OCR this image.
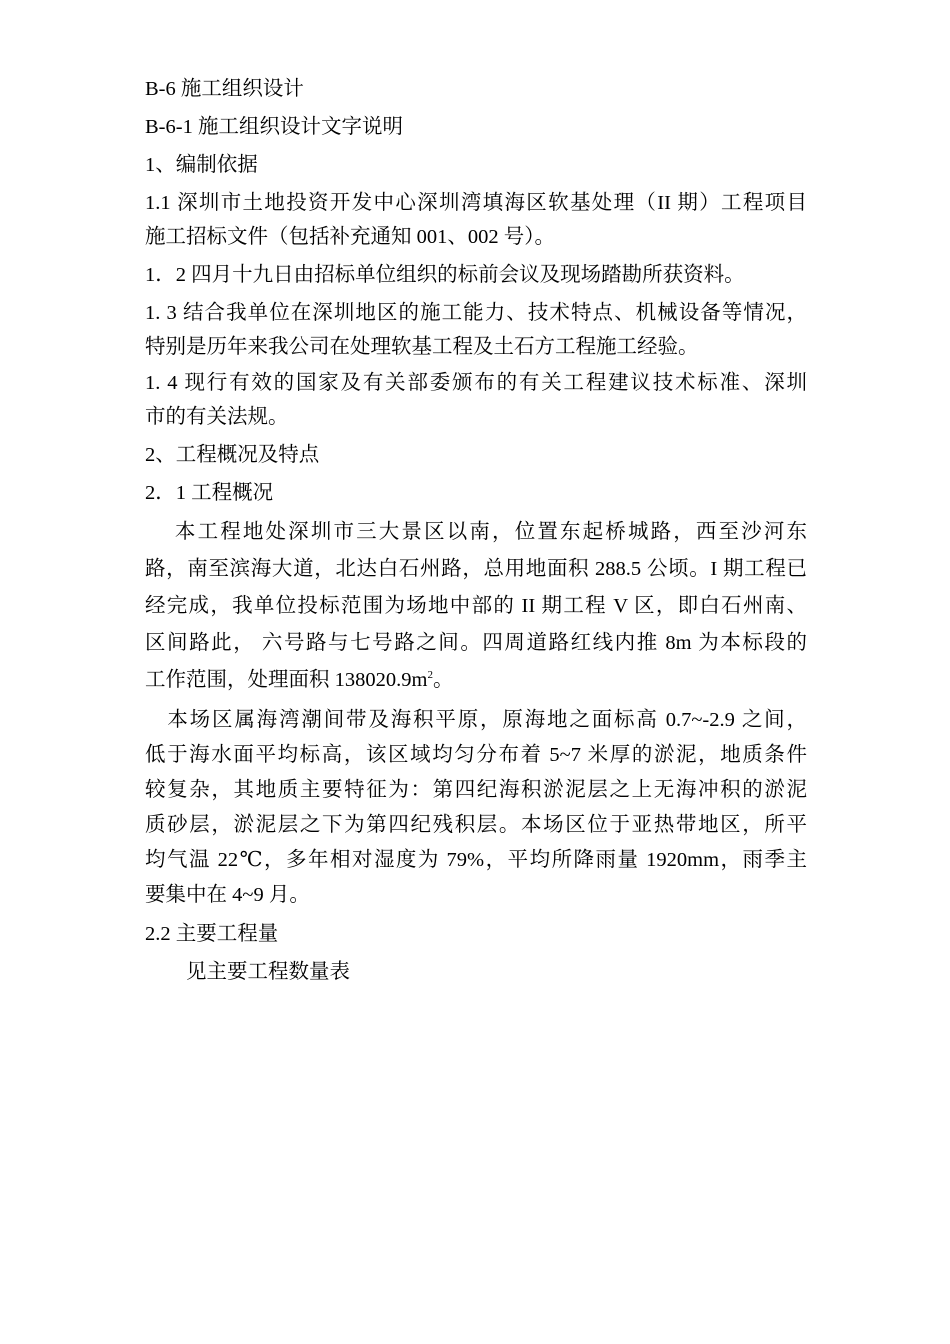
B-6 施工组织设计

B-6-1 施工组织设计文字说明

1、编制依据

1.1 深圳市土地投资开发中心深圳湾填海区软基处理（II 期）工程项目

施工招标文件（包括补充通知 001、002 号）。

1．2 四月十九日由招标单位组织的标前会议及现场踏勘所获资料。

1. 3 结合我单位在深圳地区的施工能力、技术特点、机械设备等情况，

特别是历年来我公司在处理软基工程及土石方工程施工经验。

1. 4 现行有效的国家及有关部委颁布的有关工程建议技术标准、深圳

市的有关法规。

2、工程概况及特点

2．1 工程概况

　 本工程地处深圳市三大景区以南，位置东起桥城路，西至沙河东

路，南至滨海大道，北达白石州路，总用地面积 288.5 公顷。I 期工程已

经完成，我单位投标范围为场地中部的 II 期工程 V 区，即白石州南、

区间路此， 六号路与七号路之间。四周道路红线内推 8m 为本标段的

工作范围，处理面积 $138020.9m^2$。

　本场区属海湾潮间带及海积平原，原海地之面标高 0.7~-2.9 之间，

低于海水面平均标高，该区域均匀分布着 5~7 米厚的淤泥，地质条件

较复杂，其地质主要特征为：第四纪海积淤泥层之上无海冲积的淤泥

质砂层，淤泥层之下为第四纪残积层。本场区位于亚热带地区，所平

均气温 22℃，多年相对湿度为 79%，平均所降雨量 1920mm，雨季主

要集中在 4~9 月。

2.2 主要工程量

　　见主要工程数量表
